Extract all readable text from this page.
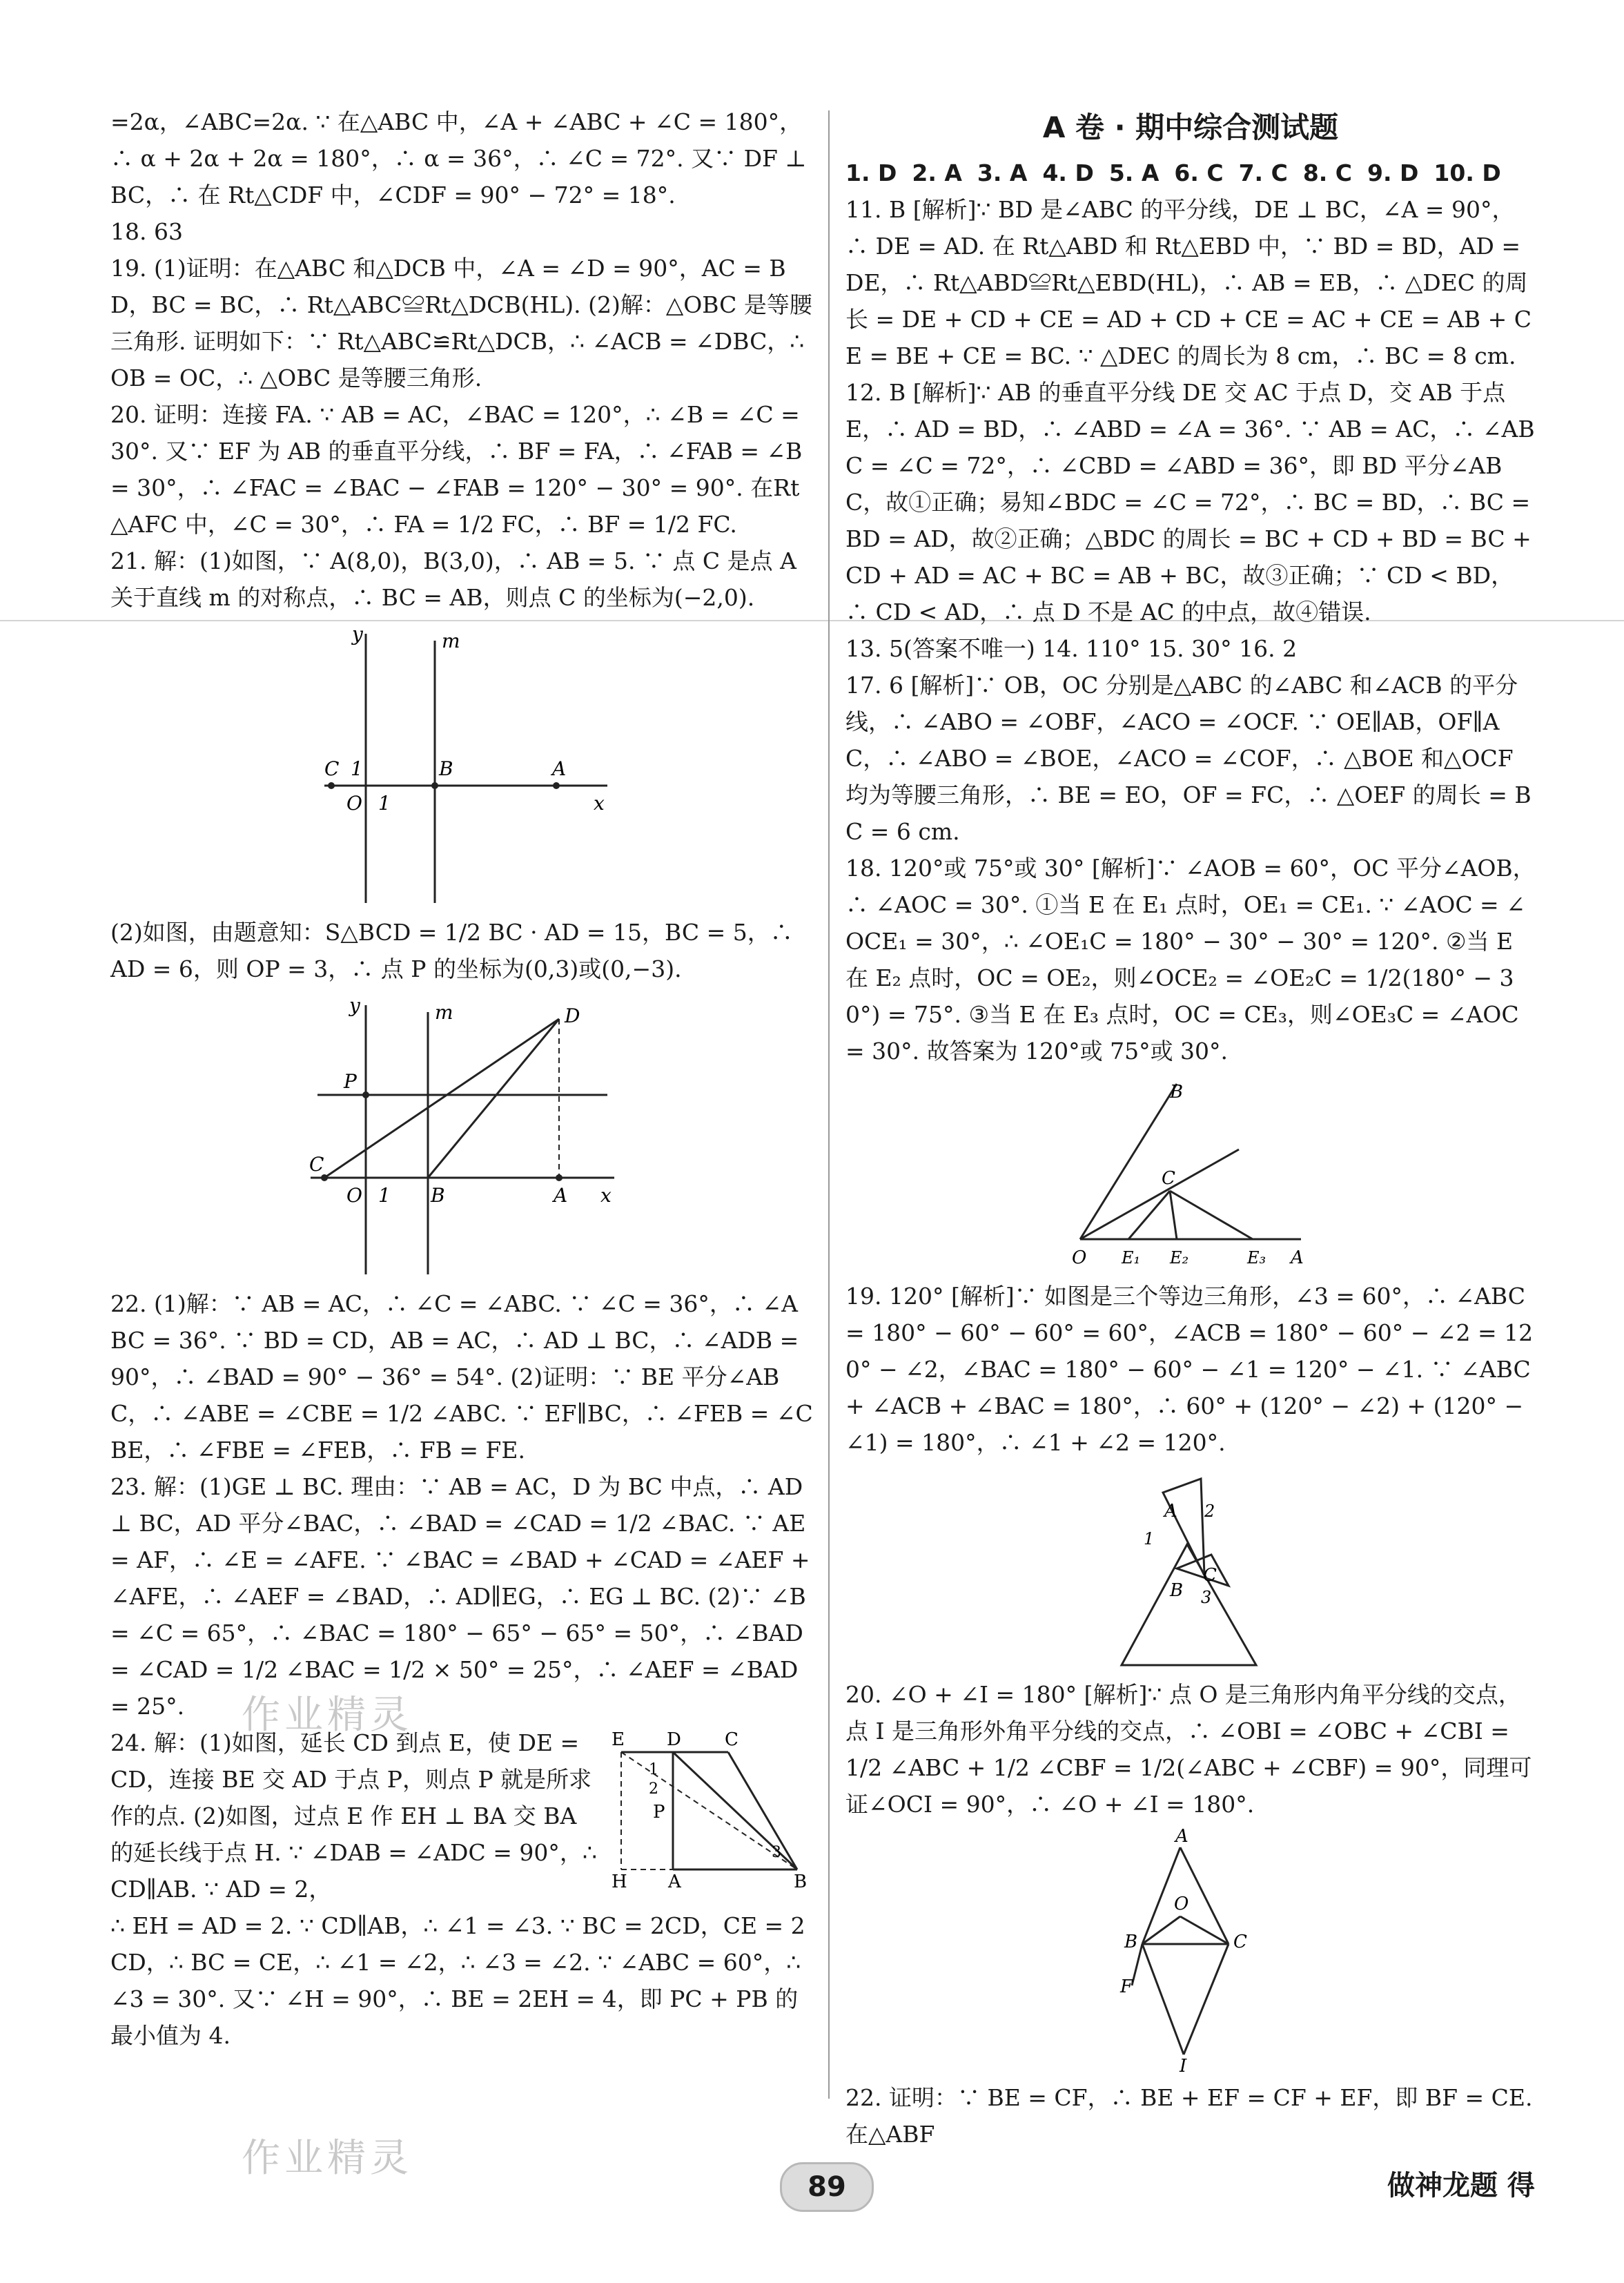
=2α，∠ABC=2α. ∵ 在△ABC 中，∠A + ∠ABC + ∠C = 180°，∴ α + 2α + 2α = 180°，∴ α = 36°，∴ ∠C = 72°. 又∵ DF ⊥ BC，∴ 在 Rt△CDF 中，∠CDF = 90° − 72° = 18°.

18. 63

19. (1)证明：在△ABC 和△DCB 中，∠A = ∠D = 90°，AC = BD，BC = BC，∴ Rt△ABC≌Rt△DCB(HL). (2)解：△OBC 是等腰三角形. 证明如下：∵ Rt△ABC≌Rt△DCB，∴ ∠ACB = ∠DBC，∴ OB = OC，∴ △OBC 是等腰三角形.

20. 证明：连接 FA. ∵ AB = AC，∠BAC = 120°，∴ ∠B = ∠C = 30°. 又∵ EF 为 AB 的垂直平分线，∴ BF = FA，∴ ∠FAB = ∠B = 30°，∴ ∠FAC = ∠BAC − ∠FAB = 120° − 30° = 90°. 在Rt△AFC 中，∠C = 30°，∴ FA = 1/2 FC，∴ BF = 1/2 FC.

21. 解：(1)如图，∵ A(8,0)，B(3,0)，∴ AB = 5. ∵ 点 C 是点 A 关于直线 m 的对称点，∴ BC = AB，则点 C 的坐标为(−2,0).

y	m
C 1	B	A
O 1	x

(2)如图，由题意知：S△BCD = 1/2 BC · AD = 15，BC = 5，∴ AD = 6，则 OP = 3，∴ 点 P 的坐标为(0,3)或(0,−3).

y	m	D
P
C
O 1 B	A x

22. (1)解：∵ AB = AC，∴ ∠C = ∠ABC. ∵ ∠C = 36°，∴ ∠ABC = 36°. ∵ BD = CD，AB = AC，∴ AD ⊥ BC，∴ ∠ADB = 90°，∴ ∠BAD = 90° − 36° = 54°. (2)证明：∵ BE 平分∠ABC，∴ ∠ABE = ∠CBE = 1/2 ∠ABC. ∵ EF∥BC，∴ ∠FEB = ∠CBE，∴ ∠FBE = ∠FEB，∴ FB = FE.

23. 解：(1)GE ⊥ BC. 理由：∵ AB = AC，D 为 BC 中点，∴ AD ⊥ BC，AD 平分∠BAC，∴ ∠BAD = ∠CAD = 1/2 ∠BAC. ∵ AE = AF，∴ ∠E = ∠AFE. ∵ ∠BAC = ∠BAD + ∠CAD = ∠AEF + ∠AFE，∴ ∠AEF = ∠BAD，∴ AD∥EG，∴ EG ⊥ BC. (2)∵ ∠B = ∠C = 65°，∴ ∠BAC = 180° − 65° − 65° = 50°，∴ ∠BAD = ∠CAD = 1/2 ∠BAC = 1/2 × 50° = 25°，∴ ∠AEF = ∠BAD = 25°.

24. 解：(1)如图，延长 CD 到点 E，使 DE = CD，连接 BE 交 AD 于点 P，则点 P 就是所求作的点. (2)如图，过点 E 作 EH ⊥ BA 交 BA 的延长线于点 H. ∵ ∠DAB = ∠ADC = 90°，∴ CD∥AB. ∵ AD = 2，

E D C
1
2
P
3
H A	B

∴ EH = AD = 2. ∵ CD∥AB，∴ ∠1 = ∠3. ∵ BC = 2CD，CE = 2CD，∴ BC = CE，∴ ∠1 = ∠2，∴ ∠3 = ∠2. ∵ ∠ABC = 60°，∴ ∠3 = 30°. 又∵ ∠H = 90°，∴ BE = 2EH = 4，即 PC + PB 的最小值为 4.

A 卷 · 期中综合测试题
1. D 2. A 3. A 4. D 5. A 6. C 7. C 8. C 9. D 10. D

11. B [解析]∵ BD 是∠ABC 的平分线，DE ⊥ BC，∠A = 90°，∴ DE = AD. 在 Rt△ABD 和 Rt△EBD 中，∵ BD = BD，AD = DE，∴ Rt△ABD≌Rt△EBD(HL)，∴ AB = EB，∴ △DEC 的周长 = DE + CD + CE = AD + CD + CE = AC + CE = AB + CE = BE + CE = BC. ∵ △DEC 的周长为 8 cm，∴ BC = 8 cm.

12. B [解析]∵ AB 的垂直平分线 DE 交 AC 于点 D，交 AB 于点 E，∴ AD = BD，∴ ∠ABD = ∠A = 36°. ∵ AB = AC，∴ ∠ABC = ∠C = 72°，∴ ∠CBD = ∠ABD = 36°，即 BD 平分∠ABC，故①正确；易知∠BDC = ∠C = 72°，∴ BC = BD，∴ BC = BD = AD，故②正确；△BDC 的周长 = BC + CD + BD = BC + CD + AD = AC + BC = AB + BC，故③正确；∵ CD < BD，∴ CD < AD，∴ 点 D 不是 AC 的中点，故④错误.

13. 5(答案不唯一) 14. 110° 15. 30° 16. 2

17. 6 [解析]∵ OB，OC 分别是△ABC 的∠ABC 和∠ACB 的平分线，∴ ∠ABO = ∠OBF，∠ACO = ∠OCF. ∵ OE∥AB，OF∥AC，∴ ∠ABO = ∠BOE，∠ACO = ∠COF，∴ △BOE 和△OCF 均为等腰三角形，∴ BE = EO，OF = FC，∴ △OEF 的周长 = BC = 6 cm.

18. 120°或 75°或 30° [解析]∵ ∠AOB = 60°，OC 平分∠AOB，∴ ∠AOC = 30°. ①当 E 在 E₁ 点时，OE₁ = CE₁. ∵ ∠AOC = ∠OCE₁ = 30°，∴ ∠OE₁C = 180° − 30° − 30° = 120°. ②当 E 在 E₂ 点时，OC = OE₂，则∠OCE₂ = ∠OE₂C = 1/2(180° − 30°) = 75°. ③当 E 在 E₃ 点时，OC = CE₃，则∠OE₃C = ∠AOC = 30°. 故答案为 120°或 75°或 30°.

B
C
O E₁ E₂	E₃ A

19. 120° [解析]∵ 如图是三个等边三角形，∠3 = 60°，∴ ∠ABC = 180° − 60° − 60° = 60°，∠ACB = 180° − 60° − ∠2 = 120° − ∠2，∠BAC = 180° − 60° − ∠1 = 120° − ∠1. ∵ ∠ABC + ∠ACB + ∠BAC = 180°，∴ 60° + (120° − ∠2) + (120° − ∠1) = 180°，∴ ∠1 + ∠2 = 120°.

A 2
1
C
B 3

20. ∠O + ∠I = 180° [解析]∵ 点 O 是三角形内角平分线的交点，点 I 是三角形外角平分线的交点，∴ ∠OBI = ∠OBC + ∠CBI = 1/2 ∠ABC + 1/2 ∠CBF = 1/2(∠ABC + ∠CBF) = 90°，同理可证∠OCI = 90°，∴ ∠O + ∠I = 180°.

A
O
B	C
F
I

22. 证明：∵ BE = CF，∴ BE + EF = CF + EF，即 BF = CE. 在△ABF

作业精灵
作业精灵
89	做神龙题 得
